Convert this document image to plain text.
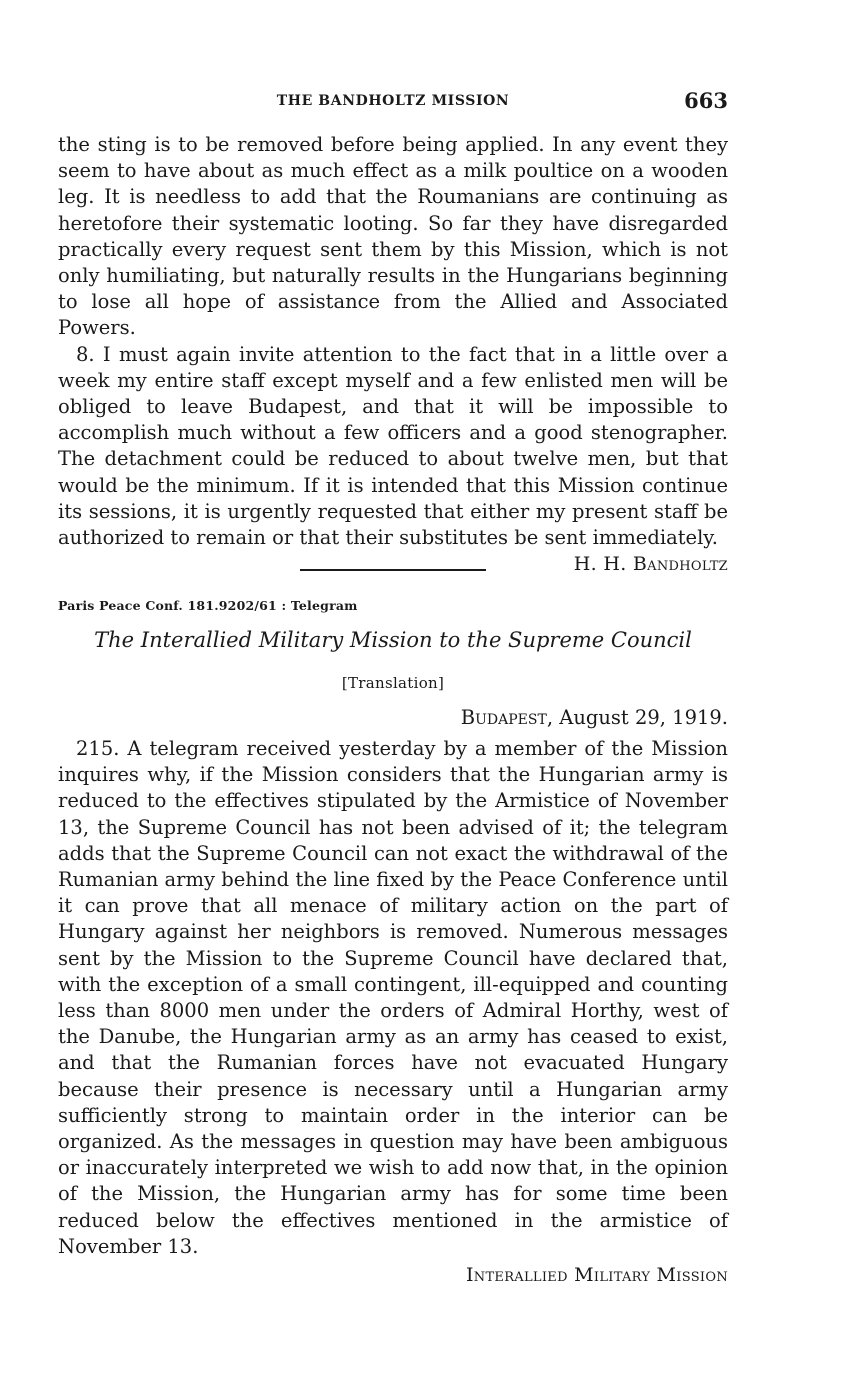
THE BANDHOLTZ MISSION	663

the sting is to be removed before being applied. In any event they seem to have about as much effect as a milk poultice on a wooden leg. It is needless to add that the Roumanians are continuing as heretofore their systematic looting. So far they have disregarded practically every request sent them by this Mission, which is not only humiliating, but naturally results in the Hungarians beginning to lose all hope of assistance from the Allied and Associated Powers.

8. I must again invite attention to the fact that in a little over a week my entire staff except myself and a few enlisted men will be obliged to leave Budapest, and that it will be impossible to accomplish much without a few officers and a good stenographer. The detachment could be reduced to about twelve men, but that would be the minimum. If it is intended that this Mission continue its sessions, it is urgently requested that either my present staff be authorized to remain or that their substitutes be sent immediately.

H. H. Bandholtz
Paris Peace Conf. 181.9202/61 : Telegram
The Interallied Military Mission to the Supreme Council
[Translation]
Budapest, August 29, 1919.

215. A telegram received yesterday by a member of the Mission inquires why, if the Mission considers that the Hungarian army is reduced to the effectives stipulated by the Armistice of November 13, the Supreme Council has not been advised of it; the telegram adds that the Supreme Council can not exact the withdrawal of the Rumanian army behind the line fixed by the Peace Conference until it can prove that all menace of military action on the part of Hungary against her neighbors is removed. Numerous messages sent by the Mission to the Supreme Council have declared that, with the exception of a small contingent, ill-equipped and counting less than 8000 men under the orders of Admiral Horthy, west of the Danube, the Hungarian army as an army has ceased to exist, and that the Rumanian forces have not evacuated Hungary because their presence is necessary until a Hungarian army sufficiently strong to maintain order in the interior can be organized. As the messages in question may have been ambiguous or inaccurately interpreted we wish to add now that, in the opinion of the Mission, the Hungarian army has for some time been reduced below the effectives mentioned in the armistice of November 13.

Interallied Military Mission
